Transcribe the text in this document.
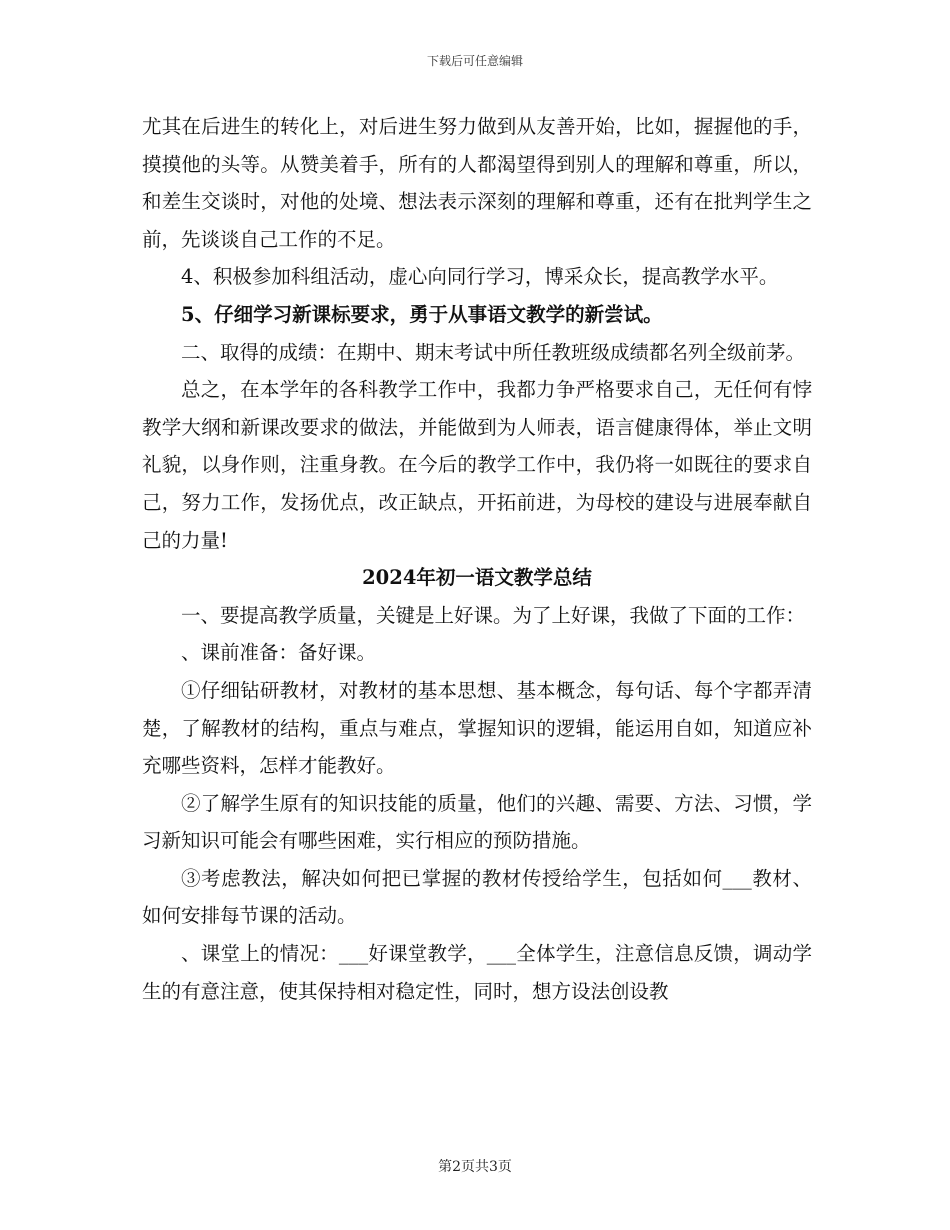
下载后可任意编辑

尤其在后进生的转化上，对后进生努力做到从友善开始，比如，握握他的手，摸摸他的头等。从赞美着手，所有的人都渴望得到别人的理解和尊重，所以，和差生交谈时，对他的处境、想法表示深刻的理解和尊重，还有在批判学生之前，先谈谈自己工作的不足。

4、积极参加科组活动，虚心向同行学习，博采众长，提高教学水平。

5、仔细学习新课标要求，勇于从事语文教学的新尝试。

二、取得的成绩：在期中、期末考试中所任教班级成绩都名列全级前茅。

总之，在本学年的各科教学工作中，我都力争严格要求自己，无任何有悖教学大纲和新课改要求的做法，并能做到为人师表，语言健康得体，举止文明礼貌，以身作则，注重身教。在今后的教学工作中，我仍将一如既往的要求自己，努力工作，发扬优点，改正缺点，开拓前进，为母校的建设与进展奉献自己的力量!

2024年初一语文教学总结

一、要提高教学质量，关键是上好课。为了上好课，我做了下面的工作：

、课前准备：备好课。

①仔细钻研教材，对教材的基本思想、基本概念，每句话、每个字都弄清楚，了解教材的结构，重点与难点，掌握知识的逻辑，能运用自如，知道应补充哪些资料，怎样才能教好。

②了解学生原有的知识技能的质量，他们的兴趣、需要、方法、习惯，学习新知识可能会有哪些困难，实行相应的预防措施。

③考虑教法，解决如何把已掌握的教材传授给学生，包括如何___教材、如何安排每节课的活动。

、课堂上的情况：___好课堂教学，___全体学生，注意信息反馈，调动学生的有意注意，使其保持相对稳定性，同时，想方设法创设教

第2页共3页
